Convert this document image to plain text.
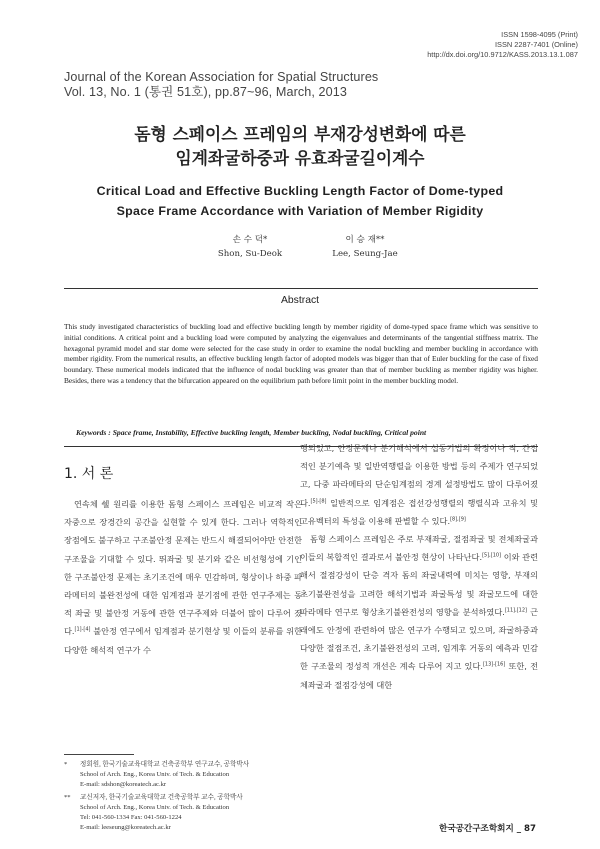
ISSN 1598-4095 (Print)
ISSN 2287-7401 (Online)
http://dx.doi.org/10.9712/KASS.2013.13.1.087
Journal of the Korean Association for Spatial Structures
Vol. 13, No. 1 (통권 51호), pp.87~96, March, 2013
돔형 스페이스 프레임의 부재강성변화에 따른
임계좌굴하중과 유효좌굴길이계수
Critical Load and Effective Buckling Length Factor of Dome-typed
Space Frame Accordance with Variation of Member Rigidity
손 수 덕*
Shon, Su-Deok
이 승 재**
Lee, Seung-Jae
Abstract
This study investigated characteristics of buckling load and effective buckling length by member rigidity of dome-typed space frame which was sensitive to initial conditions. A critical point and a buckling load were computed by analyzing the eigenvalues and determinants of the tangential stiffness matrix. The hexagonal pyramid model and star dome were selected for the case study in order to examine the nodal buckling and member buckling in accordance with member rigidity. From the numerical results, an effective buckling length factor of adopted models was bigger than that of Euler buckling for the case of fixed boundary. These numerical models indicated that the influence of nodal buckling was greater than that of member buckling as member rigidity was higher. Besides, there was a tendency that the bifurcation appeared on the equilibrium path before limit point in the member buckling model.
Keywords : Space frame, Instability, Effective buckling length, Member buckling, Nodal buckling, Critical point
1. 서 론
연속체 쉘 원리를 이용한 돔형 스페이스 프레임은 비교적 작은 자중으로 장경간의 공간을 실현할 수 있게 한다. 그러나 역학적인 장점에도 불구하고 구조불안정 문제는 반드시 해결되어야만 안전한 구조물을 기대할 수 있다. 뛰좌굴 및 분기와 같은 비선형성에 기인한 구조불안정 문제는 초기조건에 매우 민감하며, 형상이나 하중 파라메터의 불완전성에 대한 임계점과 분기점에 관한 연구주제는 동적 좌굴 및 불안정 거동에 관한 연구주제와 더불어 많이 다루어 졌다.[1]-[4] 불안정 연구에서 임계점과 분기현상 및 이들의 분류를 위한 다양한 해석적 연구가 수
행되었고, 안정문제나 분기해석에서 섭동기법의 확정이나 직, 간접적인 분기예측 및 일반역행렬을 이용한 방법 등의 주제가 연구되었고, 다중 파라메타의 단순임계점의 경계 설정방법도 많이 다루어졌다.[5]-[8] 일반적으로 임계점은 접선강성행렬의 행렬식과 고유치 및 고유벡터의 특성을 이용해 판별할 수 있다.[8],[9]
돔형 스페이스 프레임은 주로 부재좌굴, 절점좌굴 및 전체좌굴과 이들의 복합적인 결과로서 불안정 현상이 나타난다.[5],[10] 이와 관련해서 절점강성이 단층 격자 돔의 좌굴내력에 미치는 영향, 부재의 초기불완전성을 고려한 해석기법과 좌굴특성 및 좌굴모드에 대한 파라메타 연구로 형상초기불완전성의 영향을 분석하였다.[11],[12] 근래에도 안정에 관련하여 많은 연구가 수행되고 있으며, 좌굴하중과 다양한 절점조건, 초기불완전성의 고려, 임계후 거동의 예측과 민감한 구조물의 정성적 개선은 계속 다루어 지고 있다.[13]-[16] 또한, 전체좌굴과 절점강성에 대한
* 정회원, 한국기술교육대학교 건축공학부 연구교수, 공학박사
School of Arch. Eng., Korea Univ. of Tech. & Education
E-mail: sdshon@koreatech.ac.kr
** 교신저자, 한국기술교육대학교 건축공학부 교수, 공학박사
School of Arch. Eng., Korea Univ. of Tech. & Education
Tel: 041-560-1334 Fax: 041-560-1224
E-mail: leeseung@koreatech.ac.kr	한국공간구조학회지 _ 87
